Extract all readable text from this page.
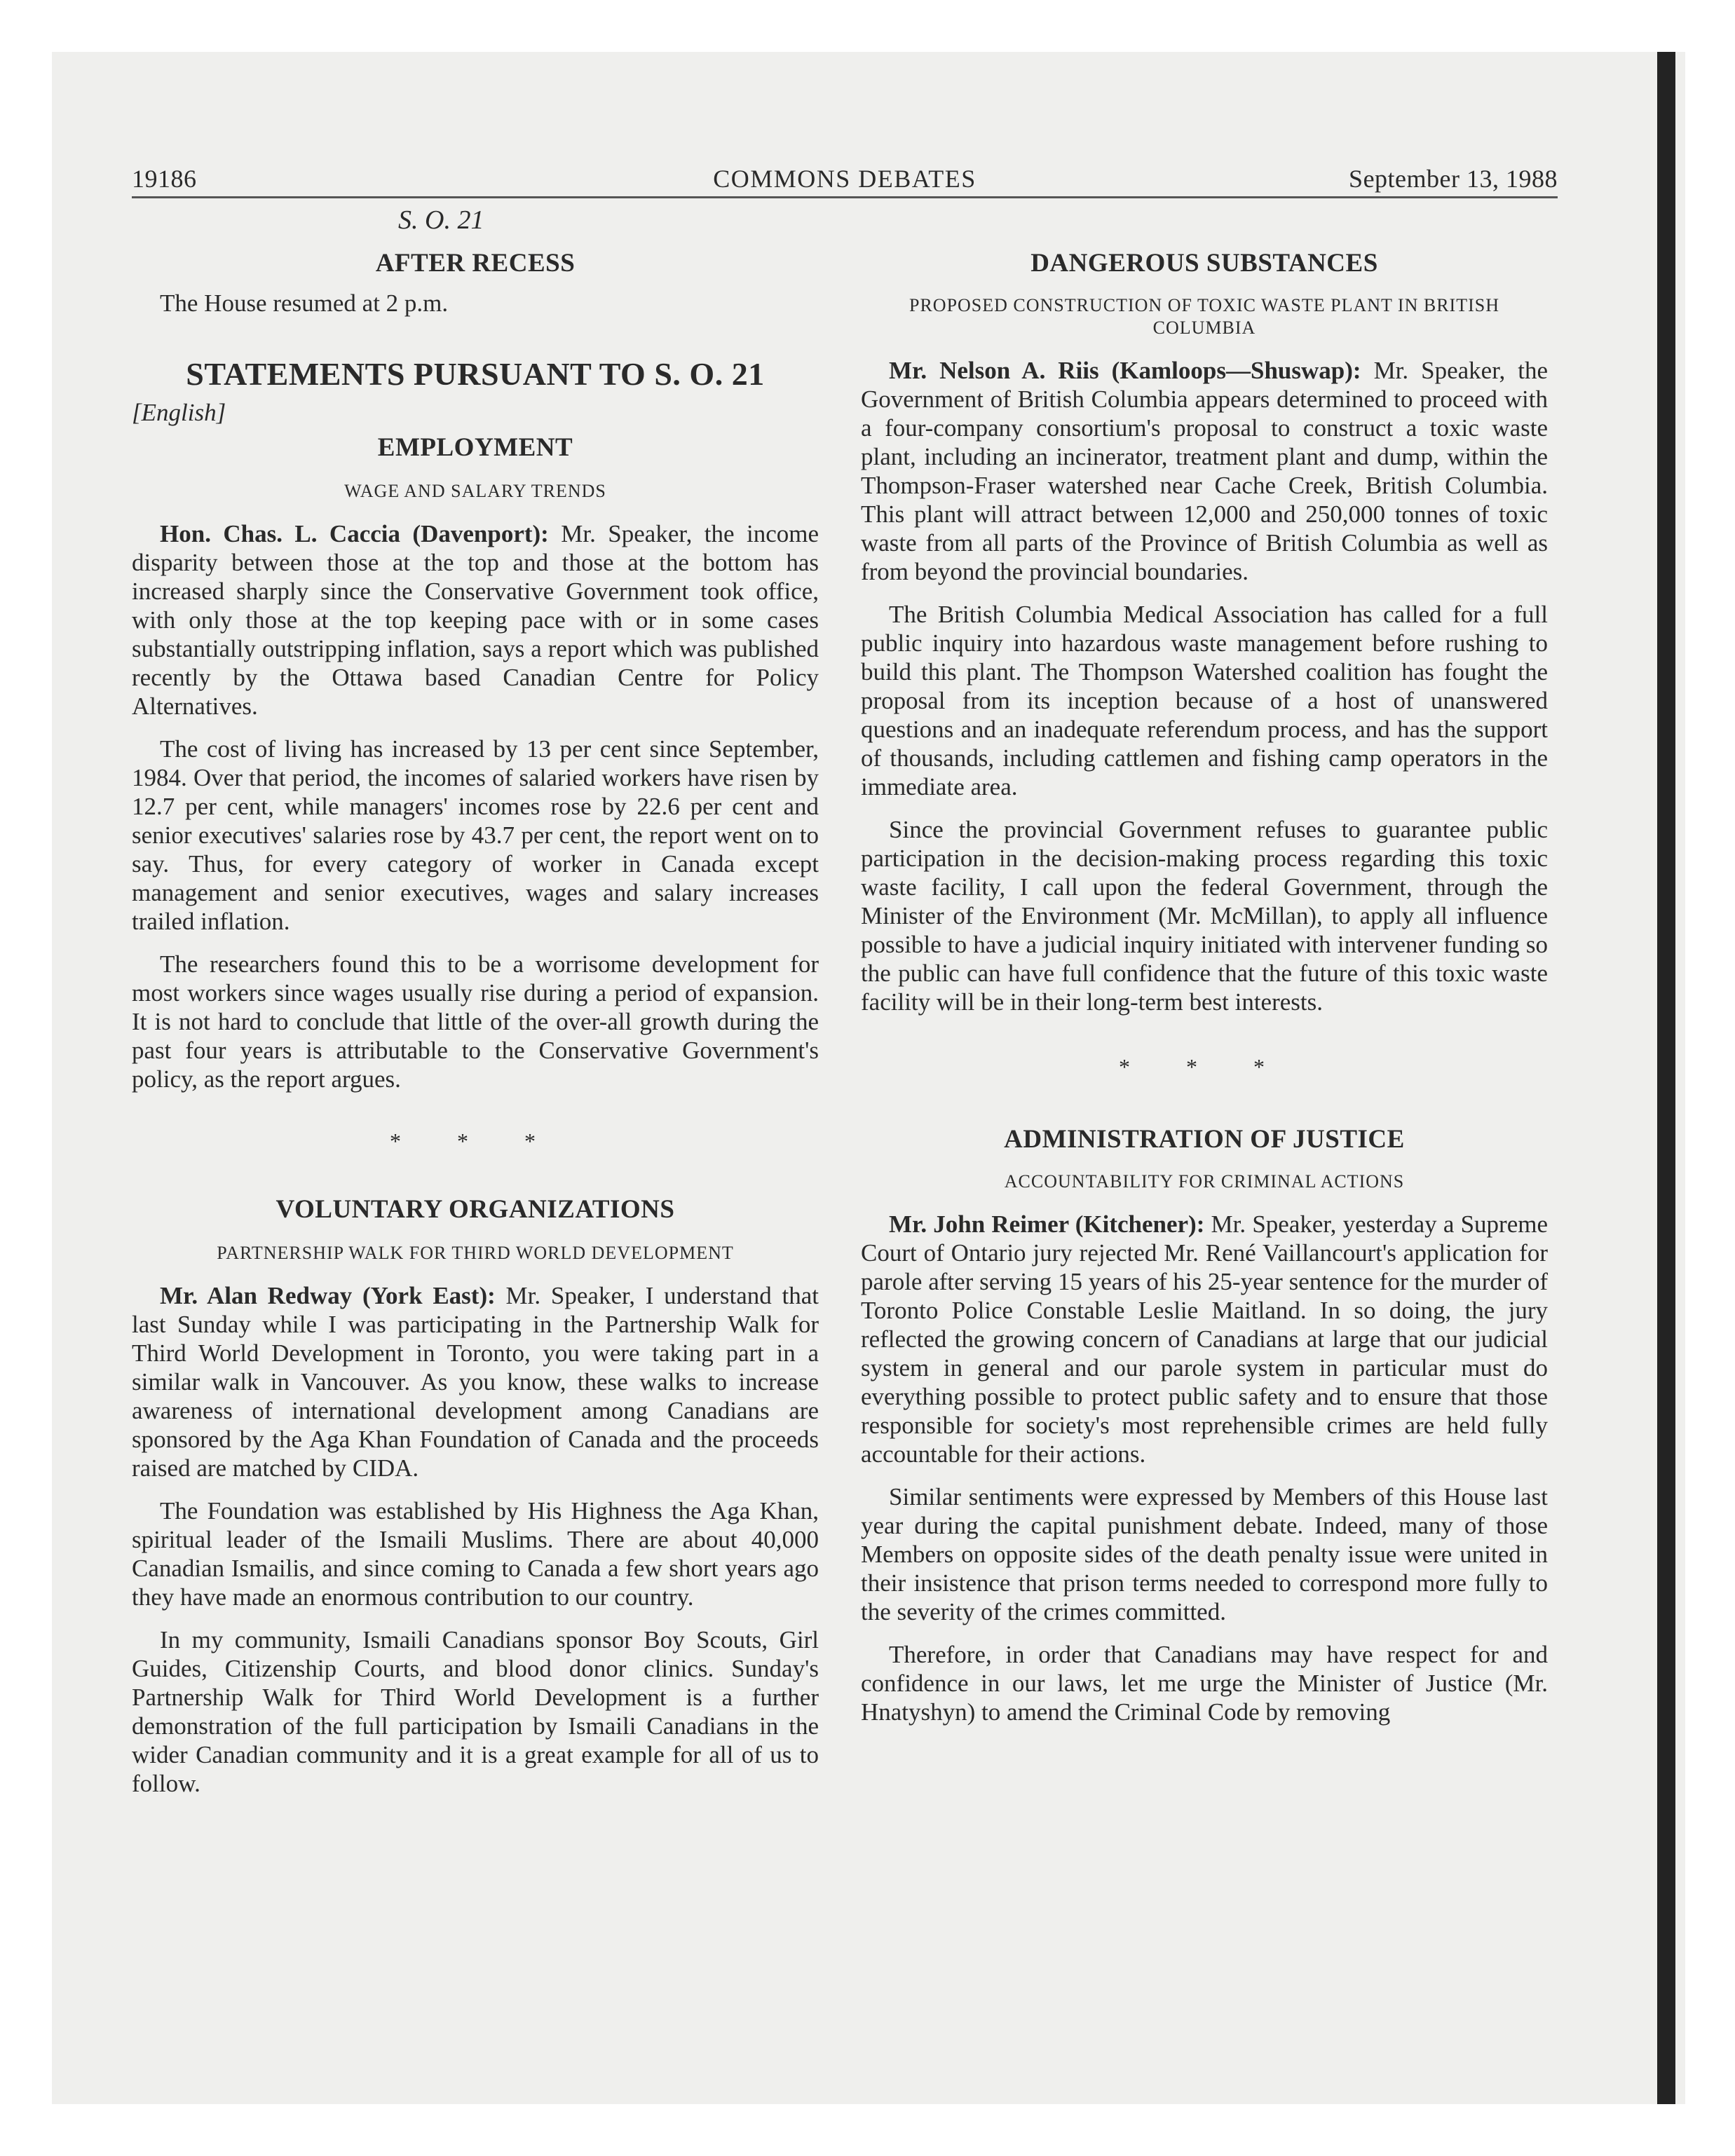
19186	COMMONS DEBATES	September 13, 1988
S. O. 21
AFTER RECESS

The House resumed at 2 p.m.

STATEMENTS PURSUANT TO S. O. 21
[English]
EMPLOYMENT
WAGE AND SALARY TRENDS

Hon. Chas. L. Caccia (Davenport): Mr. Speaker, the income disparity between those at the top and those at the bottom has increased sharply since the Conservative Government took office, with only those at the top keeping pace with or in some cases substantially outstripping inflation, says a report which was published recently by the Ottawa based Canadian Centre for Policy Alternatives.

The cost of living has increased by 13 per cent since September, 1984. Over that period, the incomes of salaried workers have risen by 12.7 per cent, while managers' incomes rose by 22.6 per cent and senior executives' salaries rose by 43.7 per cent, the report went on to say. Thus, for every category of worker in Canada except management and senior executives, wages and salary increases trailed inflation.

The researchers found this to be a worrisome development for most workers since wages usually rise during a period of expansion. It is not hard to conclude that little of the over-all growth during the past four years is attributable to the Conservative Government's policy, as the report argues.

* * *
VOLUNTARY ORGANIZATIONS
PARTNERSHIP WALK FOR THIRD WORLD DEVELOPMENT

Mr. Alan Redway (York East): Mr. Speaker, I understand that last Sunday while I was participating in the Partnership Walk for Third World Development in Toronto, you were taking part in a similar walk in Vancouver. As you know, these walks to increase awareness of international development among Canadians are sponsored by the Aga Khan Foundation of Canada and the proceeds raised are matched by CIDA.

The Foundation was established by His Highness the Aga Khan, spiritual leader of the Ismaili Muslims. There are about 40,000 Canadian Ismailis, and since coming to Canada a few short years ago they have made an enormous contribution to our country.

In my community, Ismaili Canadians sponsor Boy Scouts, Girl Guides, Citizenship Courts, and blood donor clinics. Sunday's Partnership Walk for Third World Development is a further demonstration of the full participation by Ismaili Canadians in the wider Canadian community and it is a great example for all of us to follow.

DANGEROUS SUBSTANCES
PROPOSED CONSTRUCTION OF TOXIC WASTE PLANT IN BRITISH COLUMBIA

Mr. Nelson A. Riis (Kamloops—Shuswap): Mr. Speaker, the Government of British Columbia appears determined to proceed with a four-company consortium's proposal to construct a toxic waste plant, including an incinerator, treatment plant and dump, within the Thompson-Fraser watershed near Cache Creek, British Columbia. This plant will attract between 12,000 and 250,000 tonnes of toxic waste from all parts of the Province of British Columbia as well as from beyond the provincial boundaries.

The British Columbia Medical Association has called for a full public inquiry into hazardous waste management before rushing to build this plant. The Thompson Watershed coalition has fought the proposal from its inception because of a host of unanswered questions and an inadequate referendum process, and has the support of thousands, including cattlemen and fishing camp operators in the immediate area.

Since the provincial Government refuses to guarantee public participation in the decision-making process regarding this toxic waste facility, I call upon the federal Government, through the Minister of the Environment (Mr. McMillan), to apply all influence possible to have a judicial inquiry initiated with intervener funding so the public can have full confidence that the future of this toxic waste facility will be in their long-term best interests.

* * *
ADMINISTRATION OF JUSTICE
ACCOUNTABILITY FOR CRIMINAL ACTIONS

Mr. John Reimer (Kitchener): Mr. Speaker, yesterday a Supreme Court of Ontario jury rejected Mr. René Vaillancourt's application for parole after serving 15 years of his 25-year sentence for the murder of Toronto Police Constable Leslie Maitland. In so doing, the jury reflected the growing concern of Canadians at large that our judicial system in general and our parole system in particular must do everything possible to protect public safety and to ensure that those responsible for society's most reprehensible crimes are held fully accountable for their actions.

Similar sentiments were expressed by Members of this House last year during the capital punishment debate. Indeed, many of those Members on opposite sides of the death penalty issue were united in their insistence that prison terms needed to correspond more fully to the severity of the crimes committed.

Therefore, in order that Canadians may have respect for and confidence in our laws, let me urge the Minister of Justice (Mr. Hnatyshyn) to amend the Criminal Code by removing
